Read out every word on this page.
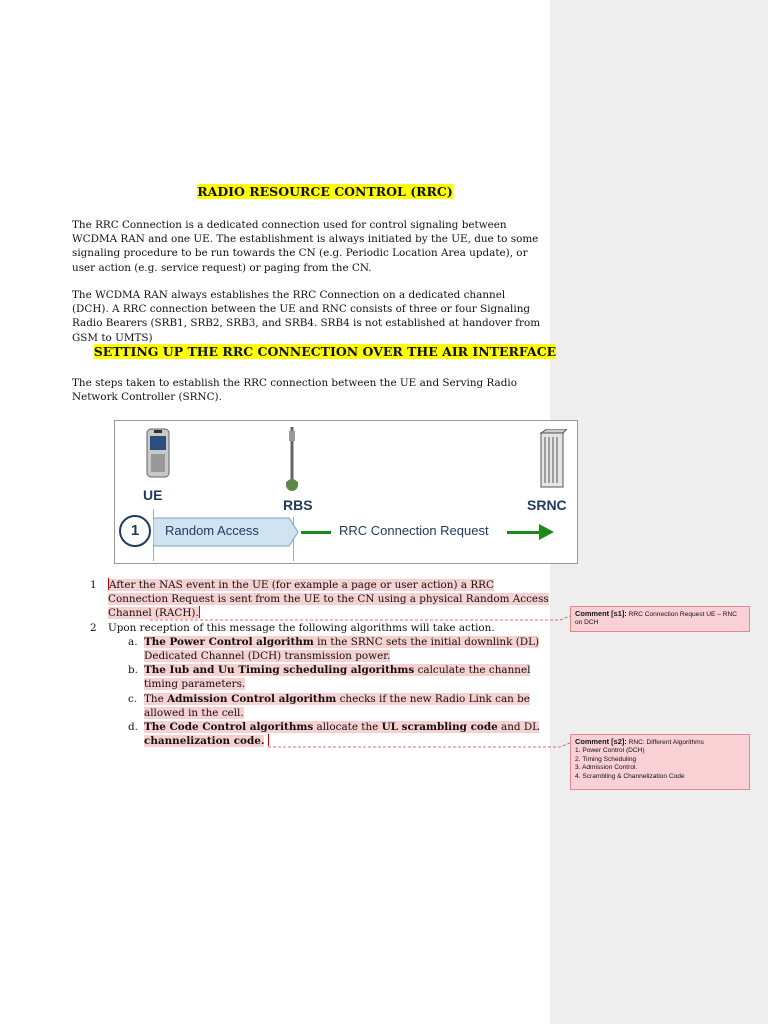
RADIO RESOURCE CONTROL (RRC)
The RRC Connection is a dedicated connection used for control signaling between WCDMA RAN and one UE. The establishment is always initiated by the UE, due to some signaling procedure to be run towards the CN (e.g. Periodic Location Area update), or user action (e.g. service request) or paging from the CN.
The WCDMA RAN always establishes the RRC Connection on a dedicated channel (DCH). A RRC connection between the UE and RNC consists of three or four Signaling Radio Bearers (SRB1, SRB2, SRB3, and SRB4. SRB4 is not established at handover from GSM to UMTS)
SETTING UP THE RRC CONNECTION OVER THE AIR INTERFACE
The steps taken to establish the RRC connection between the UE and Serving Radio Network Controller (SRNC).
UE
RBS	SRNC
1	Random Access	RRC Connection Request
1 After the NAS event in the UE (for example a page or user action) a RRC Connection Request is sent from the UE to the CN using a physical Random Access Channel (RACH).
2 Upon reception of this message the following algorithms will take action.
a. The Power Control algorithm in the SRNC sets the initial downlink (DL) Dedicated Channel (DCH) transmission power.
b. The Iub and Uu Timing scheduling algorithms calculate the channel timing parameters.
c. The Admission Control algorithm checks if the new Radio Link can be allowed in the cell.
d. The Code Control algorithms allocate the UL scrambling code and DL channelization code.
Comment [s1]: RRC Connection Request UE – RNC on DCH
Comment [s2]: RNC: Different Algorithms
1. Power Control (DCH)
2. Timing Scheduling
3. Admission Control.
4. Scrambling & Channelization Code
